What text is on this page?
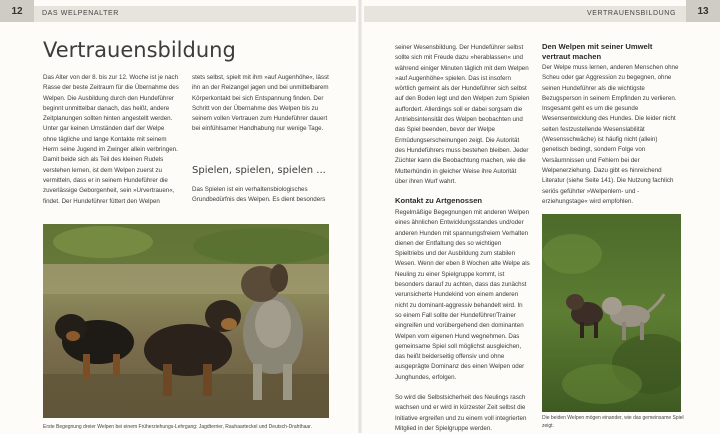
12	DAS WELPENALTER
Vertrauensbildung

Das Alter von der 8. bis zur 12. Woche ist je nach Rasse der beste Zeitraum für die Übernahme des Welpen. Die Ausbildung durch den Hundeführer beginnt unmittelbar danach, das heißt, andere Zeitplanungen sollten hinten angestellt werden. Unter gar keinen Umständen darf der Welpe ohne tägliche und lange Kontakte mit seinem Herrn seine Jugend im Zwinger allein verbringen. Damit beide sich als Teil des kleinen Rudels verstehen lernen, ist dem Welpen zuerst zu vermitteln, dass er in seinem Hundeführer die zuverlässige Geborgenheit, sein »Urvertrauen«, findet. Der Hundeführer füttert den Welpen

stets selbst, spielt mit ihm »auf Augenhöhe«, lässt ihn an der Reizangel jagen und bei unmittelbarem Körperkontakt bei sich Entspannung finden. Der Schritt von der Übernahme des Welpen bis zu seinem vollen Vertrauen zum Hundeführer dauert bei einfühlsamer Handhabung nur wenige Tage.

Spielen, spielen, spielen ...

Das Spielen ist ein verhaltensbiologisches Grundbedürfnis des Welpen. Es dient besonders

Erste Begegnung dreier Welpen bei einem Früherziehungs-Lehrgang: Jagdterrier, Rauhaarteckel und Deutsch-Drahthaar.
13
VERTRAUENSBILDUNG

seiner Wesensbildung. Der Hundeführer selbst sollte sich mit Freude dazu »herablassen« und während einiger Minuten täglich mit dem Welpen »auf Augenhöhe« spielen. Das ist insofern wörtlich gemeint als der Hundeführer sich selbst auf den Boden legt und den Welpen zum Spielen auffordert. Allerdings soll er dabei sorgsam die Antriebsintensität des Welpen beobachten und das Spiel beenden, bevor der Welpe Ermüdungserscheinungen zeigt. Die Autorität des Hundeführers muss bestehen bleiben. Jeder Züchter kann die Beobachtung machen, wie die Mutterhündin in gleicher Weise ihre Autorität über ihren Wurf wahrt.

Kontakt zu Artgenossen

Regelmäßige Begegnungen mit anderen Welpen eines ähnlichen Entwicklungsstandes und/oder anderen Hunden mit spannungsfreiem Verhalten dienen der Entfaltung des so wichtigen Spieltriebs und der Ausbildung zum stabilen Wesen. Wenn der eben 8 Wochen alte Welpe als Neuling zu einer Spielgruppe kommt, ist besonders darauf zu achten, dass das zunächst verunsicherte Hundekind von einem anderen nicht zu dominant-aggressiv behandelt wird. In so einem Fall sollte der Hundeführer/Trainer eingreifen und vorübergehend den dominanten Welpen vom eigenen Hund wegnehmen. Das gemeinsame Spiel soll möglichst ausgleichen, das heißt beiderseitig offensiv und ohne ausgeprägte Dominanz des einen Welpen oder Junghundes, erfolgen.

So wird die Selbstsicherheit des Neulings rasch wachsen und er wird in kürzester Zeit selbst die Initiative ergreifen und zu einem voll integrierten Mitglied in der Spielgruppe werden.

Den Welpen mit seiner Umwelt vertraut machen

Der Welpe muss lernen, anderen Menschen ohne Scheu oder gar Aggression zu begegnen, ohne seinen Hundeführer als die wichtigste Bezugsperson in seinem Empfinden zu verlieren. Insgesamt geht es um die gesunde Wesensentwicklung des Hundes. Die leider nicht selten festzustellende Wesenslabilität (Wesensschwäche) ist häufig nicht (allein) genetisch bedingt, sondern Folge von Versäumnissen und Fehlern bei der Welpenerziehung. Dazu gibt es hinreichend Literatur (siehe Seite 141). Die Nutzung fachlich seriös geführter »Welpenlern- und -erziehungstage« wird empfohlen.

Die beiden Welpen mögen einander, wie das gemeinsame Spiel zeigt.
